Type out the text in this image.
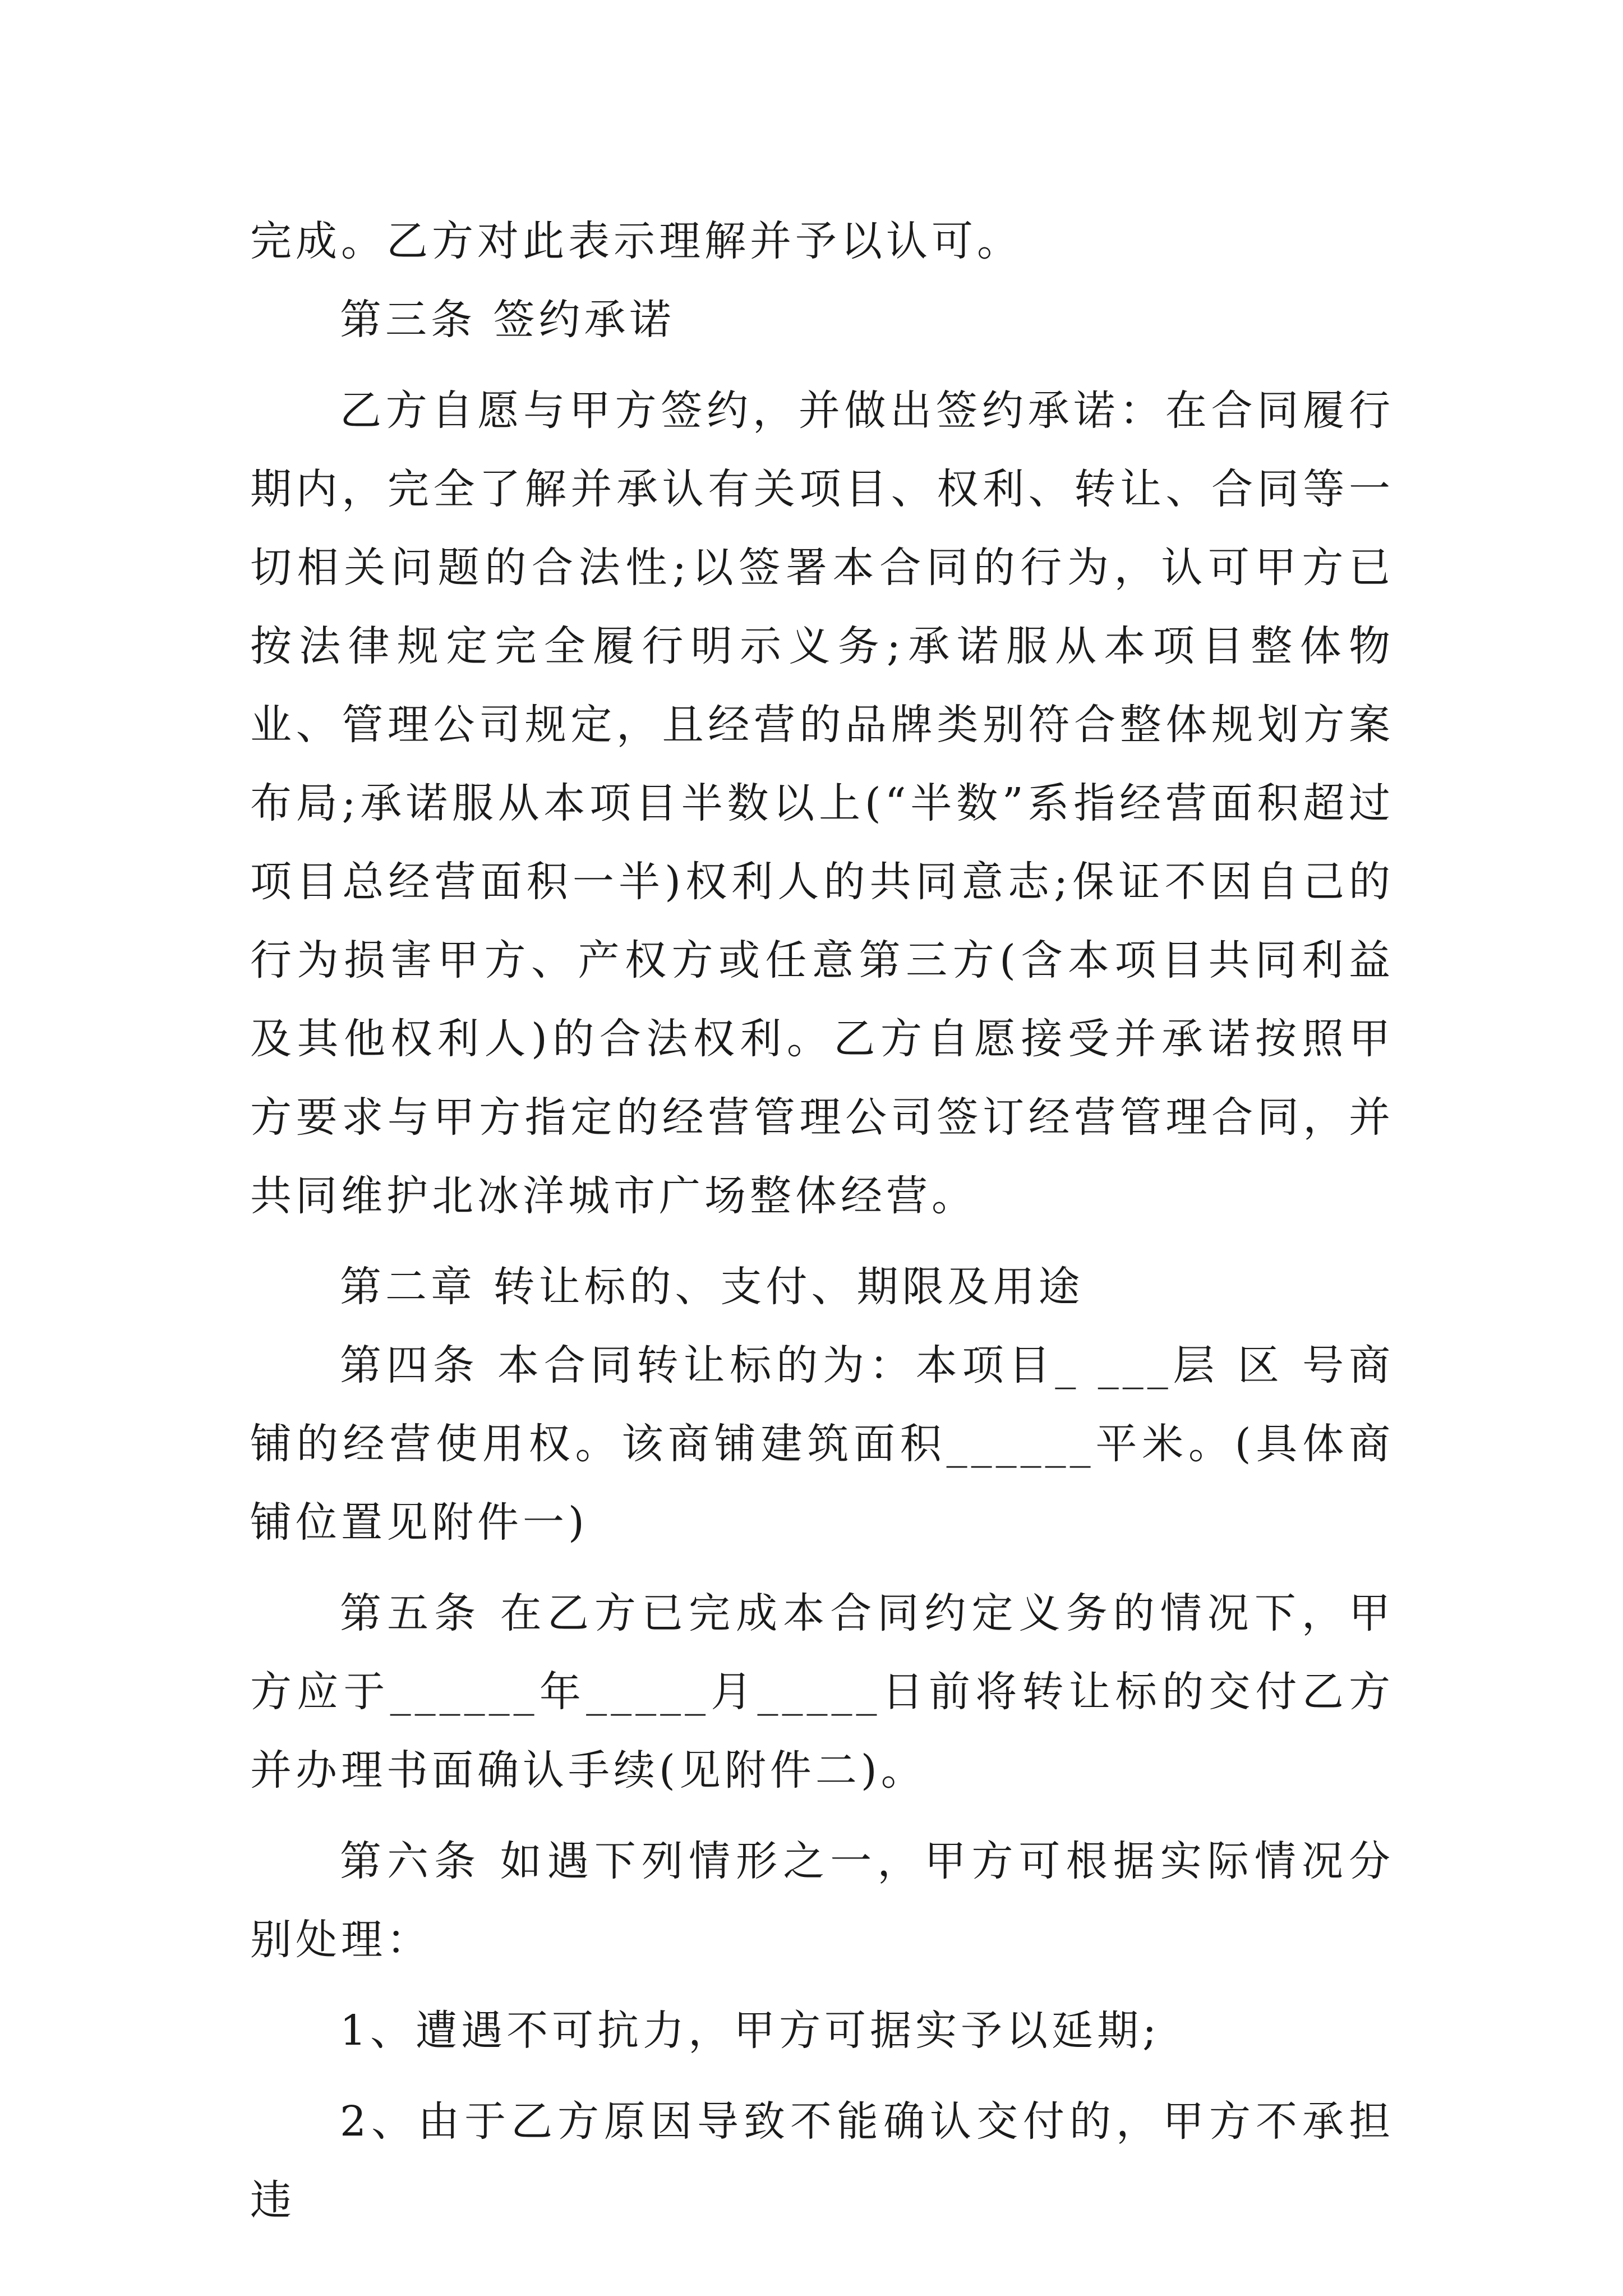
完成。乙方对此表示理解并予以认可。

第三条 签约承诺

乙方自愿与甲方签约，并做出签约承诺：在合同履行期内，完全了解并承认有关项目、权利、转让、合同等一切相关问题的合法性;以签署本合同的行为，认可甲方已按法律规定完全履行明示义务;承诺服从本项目整体物业、管理公司规定，且经营的品牌类别符合整体规划方案布局;承诺服从本项目半数以上(“半数”系指经营面积超过项目总经营面积一半)权利人的共同意志;保证不因自己的行为损害甲方、产权方或任意第三方(含本项目共同利益及其他权利人)的合法权利。乙方自愿接受并承诺按照甲方要求与甲方指定的经营管理公司签订经营管理合同，并共同维护北冰洋城市广场整体经营。

第二章 转让标的、支付、期限及用途

第四条 本合同转让标的为：本项目_ ___层 区 号商铺的经营使用权。该商铺建筑面积______平米。(具体商铺位置见附件一)

第五条 在乙方已完成本合同约定义务的情况下，甲方应于______年_____月_____日前将转让标的交付乙方并办理书面确认手续(见附件二)。

第六条 如遇下列情形之一，甲方可根据实际情况分别处理：

1、遭遇不可抗力，甲方可据实予以延期;

2、由于乙方原因导致不能确认交付的，甲方不承担违
